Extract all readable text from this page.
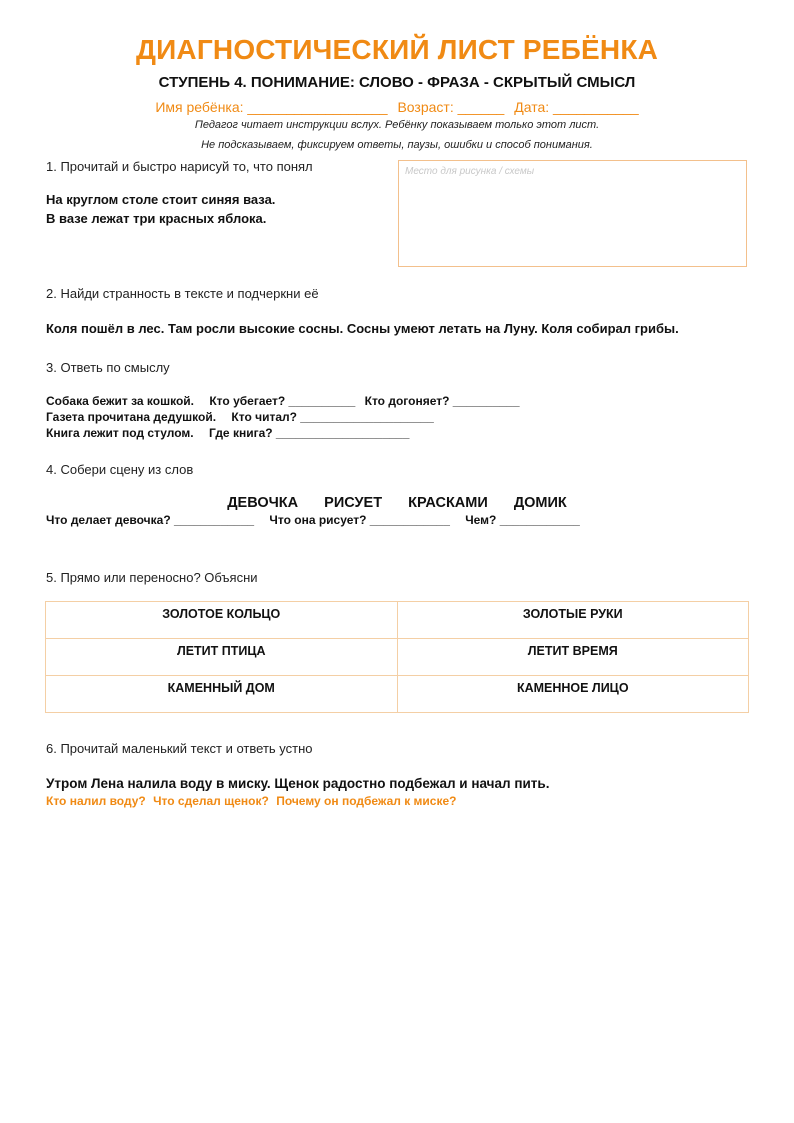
ДИАГНОСТИЧЕСКИЙ ЛИСТ РЕБЁНКА
СТУПЕНЬ 4. ПОНИМАНИЕ: СЛОВО - ФРАЗА - СКРЫТЫЙ СМЫСЛ
Имя ребёнка: __________________ Возраст: ______ Дата: ___________
Педагог читает инструкции вслух. Ребёнку показываем только этот лист.
Не подсказываем, фиксируем ответы, паузы, ошибки и способ понимания.
1. Прочитай и быстро нарисуй то, что понял
На круглом столе стоит синяя ваза.
В вазе лежат три красных яблока.
Место для рисунка / схемы
2. Найди странность в тексте и подчеркни её
Коля пошёл в лес. Там росли высокие сосны. Сосны умеют летать на Луну. Коля собирал грибы.
3. Ответь по смыслу
Собака бежит за кошкой. Кто убегает? __________ Кто догоняет? __________
Газета прочитана дедушкой. Кто читал? ____________________
Книга лежит под стулом. Где книга? ____________________
4. Собери сцену из слов
ДЕВОЧКА РИСУЕТ КРАСКАМИ ДОМИК
Что делает девочка? ____________ Что она рисует? ____________ Чем? ____________
5. Прямо или переносно? Объясни
ЗОЛОТОЕ КОЛЬЦО	ЗОЛОТЫЕ РУКИ
ЛЕТИТ ПТИЦА	ЛЕТИТ ВРЕМЯ
КАМЕННЫЙ ДОМ	КАМЕННОЕ ЛИЦО
6. Прочитай маленький текст и ответь устно
Утром Лена налила воду в миску. Щенок радостно подбежал и начал пить.
Кто налил воду? Что сделал щенок? Почему он подбежал к миске?
